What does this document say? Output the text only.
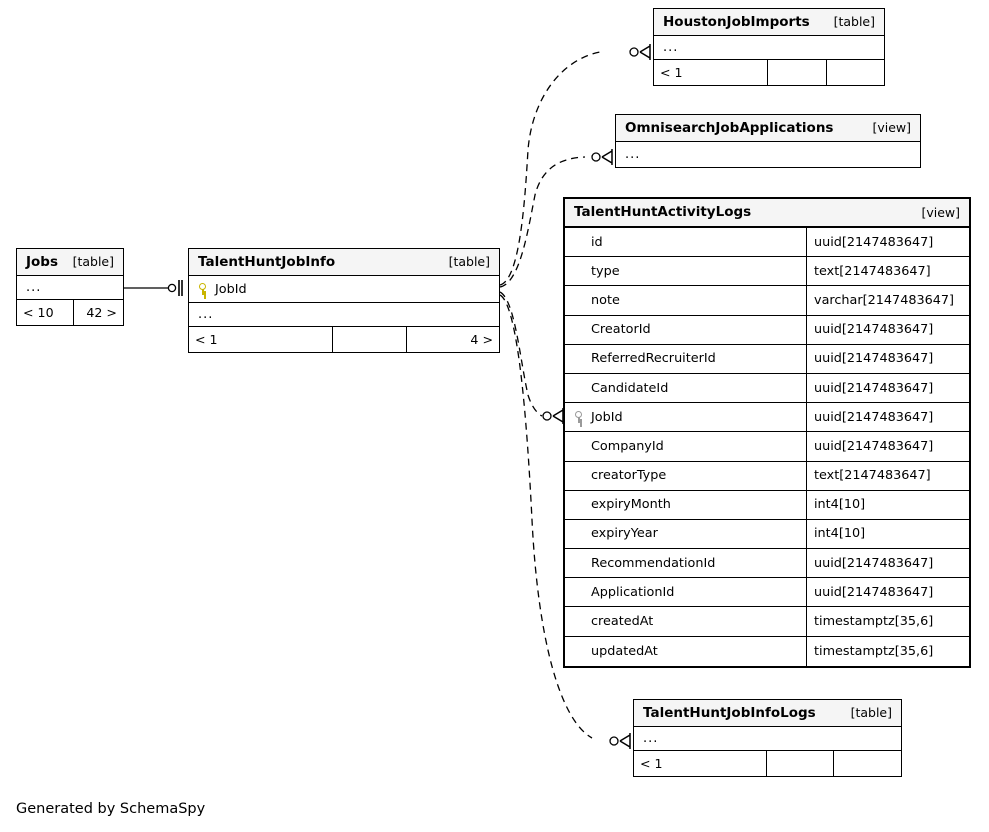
HoustonJobImports [table]
...
< 1
OmnisearchJobApplications	[view]
...
TalentHuntActivityLogs	[view]
id	uuid[2147483647]
type	text[2147483647]
note	varchar[2147483647]
CreatorId	uuid[2147483647]
ReferredRecruiterId	uuid[2147483647]
CandidateId	uuid[2147483647]
JobId	uuid[2147483647]
CompanyId	uuid[2147483647]
creatorType	text[2147483647]
expiryMonth	int4[10]
expiryYear	int4[10]
RecommendationId	uuid[2147483647]
ApplicationId	uuid[2147483647]
createdAt	timestamptz[35,6]
updatedAt	timestamptz[35,6]
Jobs [table]
...
< 10	42 >
TalentHuntJobInfo	[table]
JobId
...
< 1	4 >
TalentHuntJobInfoLogs	[table]
...
< 1
Generated by SchemaSpy
